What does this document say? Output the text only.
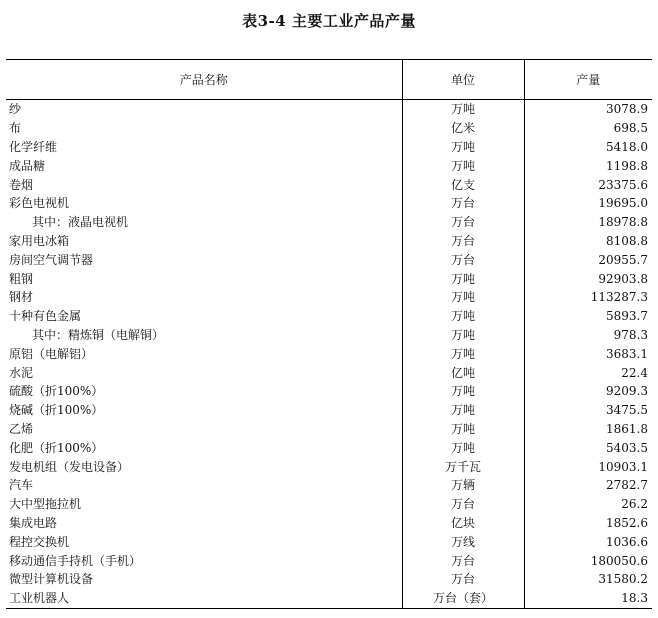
表3-4 主要工业产品产量
产品名称	单位	产量
纱	万吨	3078.9
布	亿米	698.5
化学纤维	万吨	5418.0
成品糖	万吨	1198.8
卷烟	亿支	23375.6
彩色电视机	万台	19695.0
其中：液晶电视机	万台	18978.8
家用电冰箱	万台	8108.8
房间空气调节器	万台	20955.7
粗钢	万吨	92903.8
钢材	万吨	113287.3
十种有色金属	万吨	5893.7
其中：精炼铜（电解铜）	万吨	978.3
原铝（电解铝）	万吨	3683.1
水泥	亿吨	22.4
硫酸（折100%）	万吨	9209.3
烧碱（折100%）	万吨	3475.5
乙烯	万吨	1861.8
化肥（折100%）	万吨	5403.5
发电机组（发电设备）	万千瓦	10903.1
汽车	万辆	2782.7
大中型拖拉机	万台	26.2
集成电路	亿块	1852.6
程控交换机	万线	1036.6
移动通信手持机（手机）	万台	180050.6
微型计算机设备	万台	31580.2
工业机器人	万台（套）	18.3
